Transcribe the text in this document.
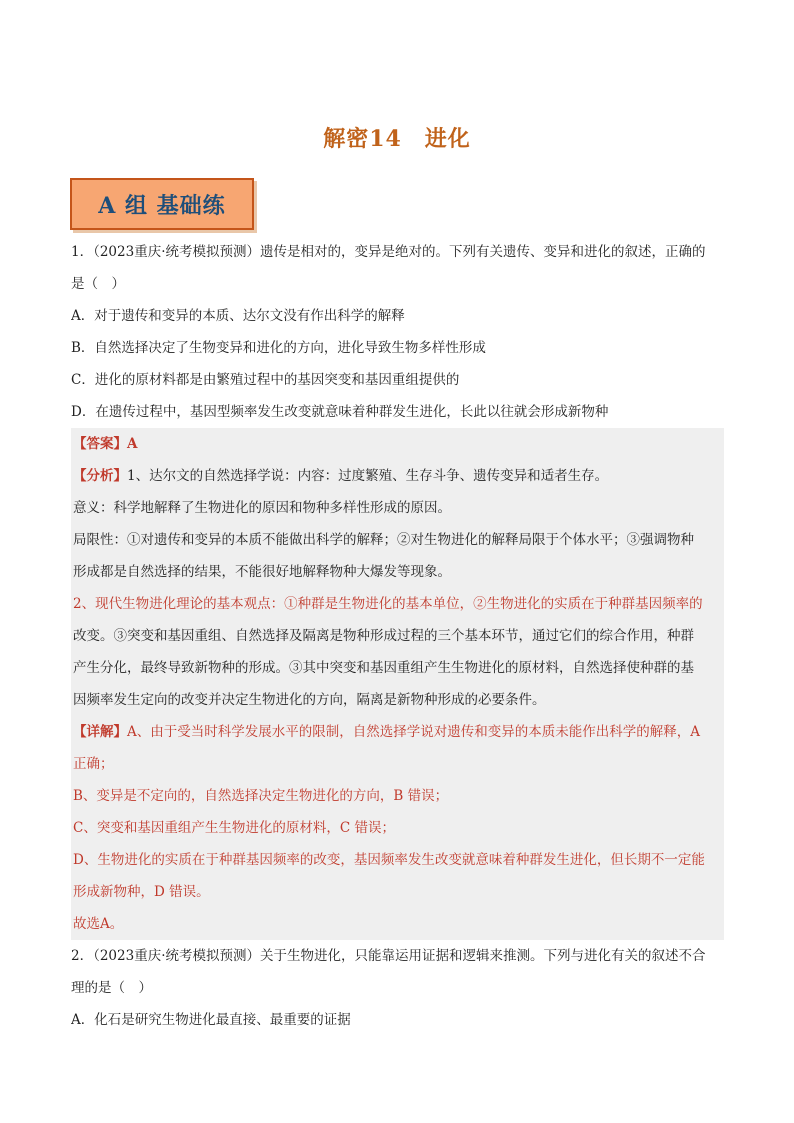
解密14　进化
A 组 基础练
1．（2023重庆·统考模拟预测）遗传是相对的，变异是绝对的。下列有关遗传、变异和进化的叙述，正确的
是（　）
A．对于遗传和变异的本质、达尔文没有作出科学的解释
B．自然选择决定了生物变异和进化的方向，进化导致生物多样性形成
C．进化的原材料都是由繁殖过程中的基因突变和基因重组提供的
D．在遗传过程中，基因型频率发生改变就意味着种群发生进化，长此以往就会形成新物种
【答案】A
【分析】1、达尔文的自然选择学说：内容：过度繁殖、生存斗争、遗传变异和适者生存。
意义：科学地解释了生物进化的原因和物种多样性形成的原因。
局限性：①对遗传和变异的本质不能做出科学的解释；②对生物进化的解释局限于个体水平；③强调物种
形成都是自然选择的结果，不能很好地解释物种大爆发等现象。
2、现代生物进化理论的基本观点：①种群是生物进化的基本单位，②生物进化的实质在于种群基因频率的
改变。③突变和基因重组、自然选择及隔离是物种形成过程的三个基本环节，通过它们的综合作用，种群
产生分化，最终导致新物种的形成。③其中突变和基因重组产生生物进化的原材料，自然选择使种群的基
因频率发生定向的改变并决定生物进化的方向，隔离是新物种形成的必要条件。
【详解】A、由于受当时科学发展水平的限制，自然选择学说对遗传和变异的本质未能作出科学的解释，A
正确；
B、变异是不定向的，自然选择决定生物进化的方向，B 错误；
C、突变和基因重组产生生物进化的原材料，C 错误；
D、生物进化的实质在于种群基因频率的改变，基因频率发生改变就意味着种群发生进化，但长期不一定能
形成新物种，D 错误。
故选A。
2．（2023重庆·统考模拟预测）关于生物进化，只能靠运用证据和逻辑来推测。下列与进化有关的叙述不合
理的是（　）
A．化石是研究生物进化最直接、最重要的证据
